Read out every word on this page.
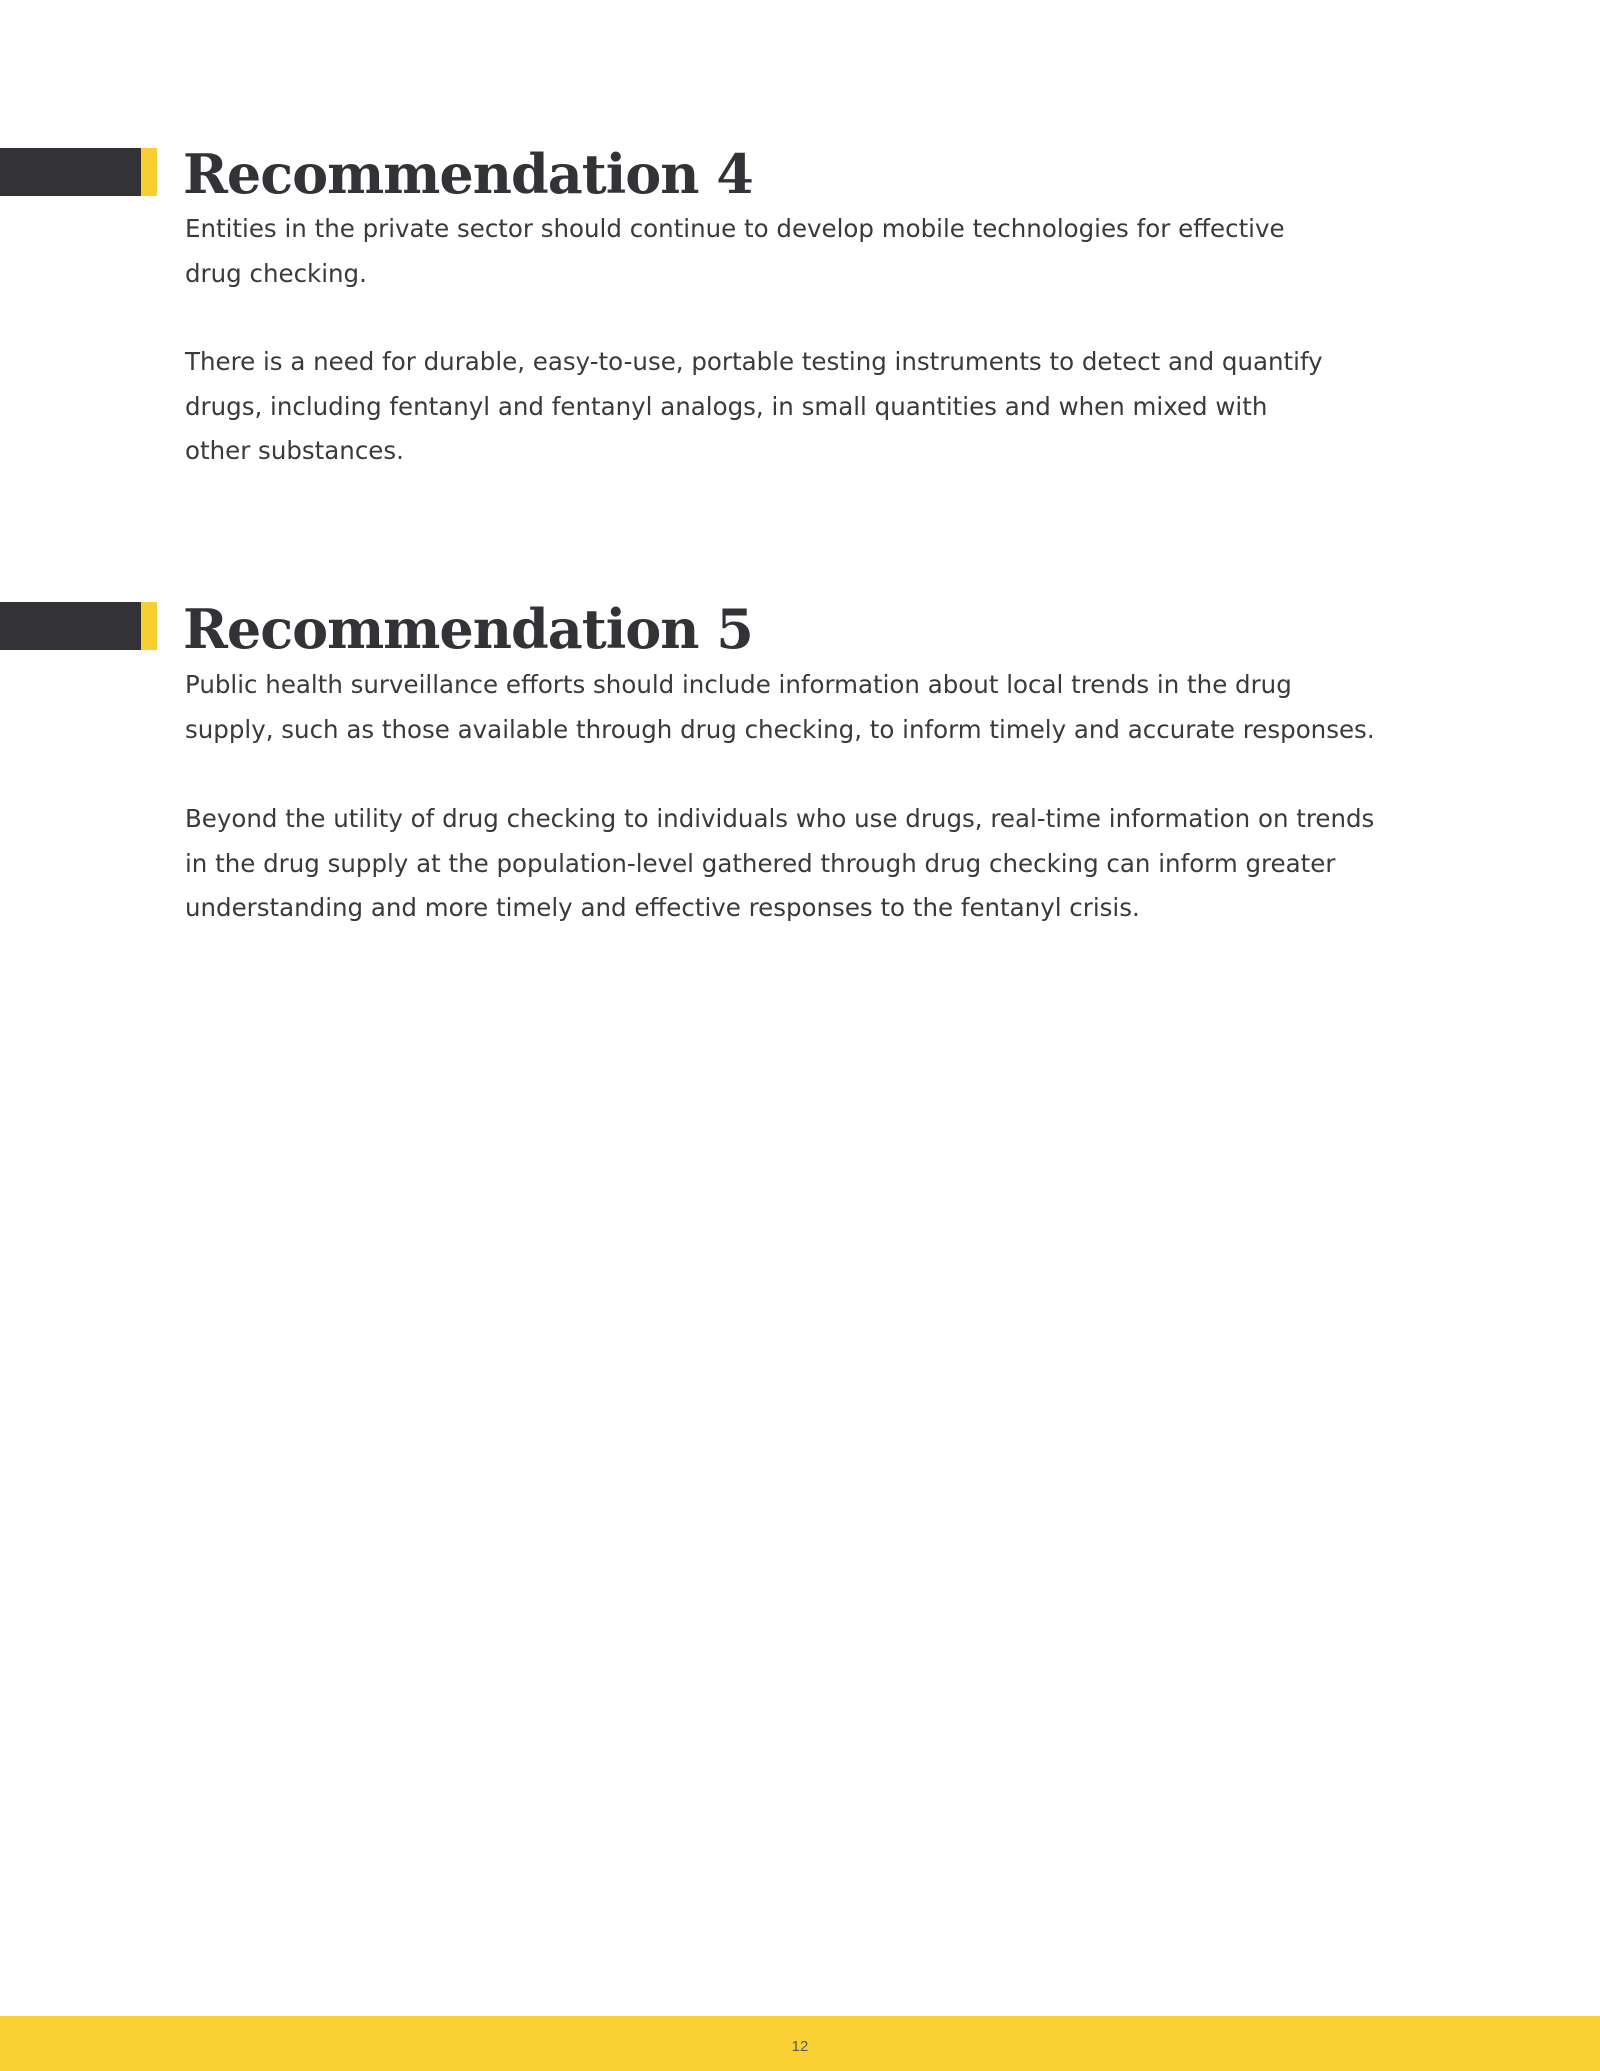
Recommendation 4

Entities in the private sector should continue to develop mobile technologies for effective
drug checking.

There is a need for durable, easy-to-use, portable testing instruments to detect and quantify
drugs, including fentanyl and fentanyl analogs, in small quantities and when mixed with
other substances.

Recommendation 5

Public health surveillance efforts should include information about local trends in the drug
supply, such as those available through drug checking, to inform timely and accurate responses.

Beyond the utility of drug checking to individuals who use drugs, real-time information on trends
in the drug supply at the population-level gathered through drug checking can inform greater
understanding and more timely and effective responses to the fentanyl crisis.

12
